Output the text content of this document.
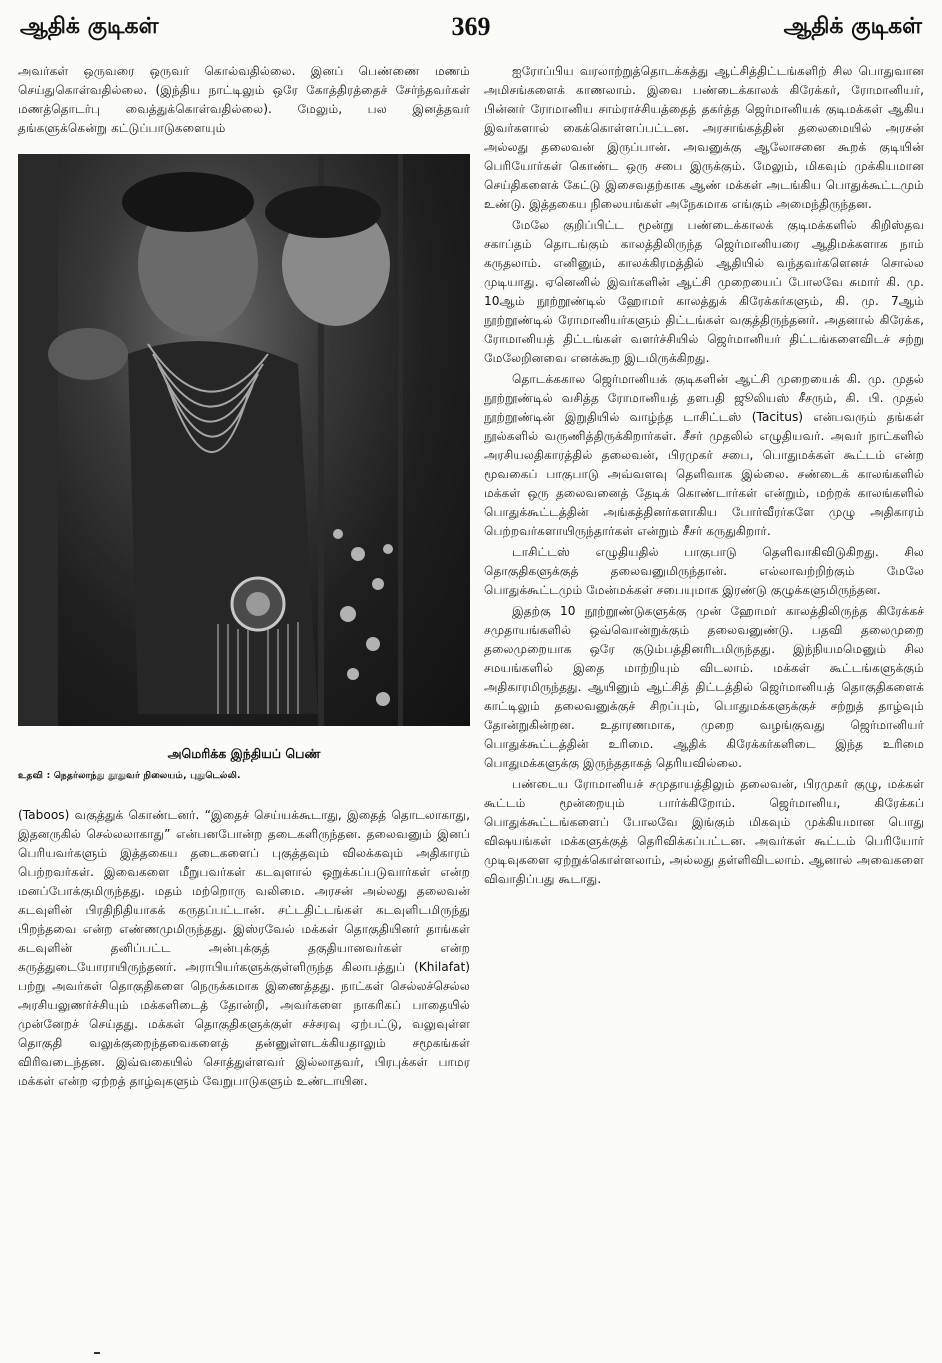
ஆதிக் குடிகள்	369	ஆதிக் குடிகள்

அவர்கள் ஒருவரை ஒருவர் கொல்வதில்லை. இனப் பெண்ணை மணம் செய்துகொள்வதில்லை. (இந்திய நாட்டிலும் ஒரே கோத்திரத்தைச் சேர்ந்தவர்கள் மணத்தொடர்பு வைத்துக்கொள்வதில்லை). மேலும், பல இனத்தவர் தங்களுக்கென்று கட்டுப்பாடுகளையும்

அமெரிக்க இந்தியப் பெண்
உதவி : நெதர்லாந்து தூதுவர் நிலையம், புதுடெல்லி.

(Taboos) வகுத்துக் கொண்டனர். “இதைச் செய்யக்கூடாது, இதைத் தொடலாகாது, இதனருகில் செல்லலாகாது” என்பனபோன்ற தடைகளிருந்தன. தலைவனும் இனப் பெரியவர்களும் இத்தகைய தடைகளைப் புகுத்தவும் விலக்கவும் அதிகாரம் பெற்றவர்கள். இவைகளை மீறுபவர்கள் கடவுளால் ஒறுக்கப்படுவார்கள் என்ற மனப்போக்குமிருந்தது. மதம் மற்றொரு வலிமை. அரசன் அல்லது தலைவன் கடவுளின் பிரதிநிதியாகக் கருதப்பட்டான். சட்டதிட்டங்கள் கடவுளிடமிருந்து பிறந்தவை என்ற எண்ணமுமிருந்தது. இஸ்ரவேல் மக்கள் தொகுதியினர் தாங்கள் கடவுளின் தனிப்பட்ட அன்புக்குத் தகுதியானவர்கள் என்ற கருத்துடையோராயிருந்தனர். அராபியர்களுக்குள்ளிருந்த கிலாபத்துப் (Khilafat) பற்று அவர்கள் தொகுதிகளை நெருக்கமாக இணைத்தது. நாட்கள் செல்லச்செல்ல அரசியலுணர்ச்சியும் மக்களிடைத் தோன்றி, அவர்களை நாகரிகப் பாதையில் முன்னேறச் செய்தது. மக்கள் தொகுதிகளுக்குள் சச்சரவு ஏற்பட்டு, வலுவுள்ள தொகுதி வலுக்குறைந்தவைகளைத் தன்னுள்ளடக்கியதாலும் சமூகங்கள் விரிவடைந்தன. இவ்வகையில் சொத்துள்ளவர் இல்லாதவர், பிரபுக்கள் பாமர மக்கள் என்ற ஏற்றத் தாழ்வுகளும் வேறுபாடுகளும் உண்டாயின.

ஐரோப்பிய வரலாற்றுத்தொடக்கத்து ஆட்சித்திட்டங்களிற் சில பொதுவான அமிசங்களைக் காணலாம். இவை பண்டைக்காலக் கிரேக்கர், ரோமானியர், பின்னர் ரோமானிய சாம்ராச்சியத்தைத் தகர்த்த ஜெர்மானியக் குடிமக்கள் ஆகிய இவர்களால் கைக்கொள்ளப்பட்டன. அரசாங்கத்தின் தலைமையில் அரசன் அல்லது தலைவன் இருப்பான். அவனுக்கு ஆலோசனை கூறக் குடியின் பெரியோர்கள் கொண்ட ஒரு சபை இருக்கும். மேலும், மிகவும் முக்கியமான செய்திகளைக் கேட்டு இசைவதற்காக ஆண் மக்கள் அடங்கிய பொதுக்கூட்டமும் உண்டு. இத்தகைய நிலையங்கள் அநேகமாக எங்கும் அமைந்திருந்தன.

மேலே குறிப்பிட்ட மூன்று பண்டைக்காலக் குடிமக்களில் கிறிஸ்தவ சகாப்தம் தொடங்கும் காலத்திலிருந்த ஜெர்மானியரை ஆதிமக்களாக நாம் கருதலாம். எனினும், காலக்கிரமத்தில் ஆதியில் வந்தவர்களெனச் சொல்ல முடியாது. ஏனெனில் இவர்களின் ஆட்சி முறையைப் போலவே சுமார் கி. மு. 10ஆம் நூற்றூண்டில் ஹோமர் காலத்துக் கிரேக்கர்களும், கி. மு. 7ஆம் நூற்றூண்டில் ரோமானியர்களும் திட்டங்கள் வகுத்திருந்தனர். அதனால் கிரேக்க, ரோமானியத் திட்டங்கள் வளர்ச்சியில் ஜெர்மானியர் திட்டங்களைவிடச் சற்று மேலேறினவை எனக்கூற இடமிருக்கிறது.

தொடக்ககால ஜெர்மானியக் குடிகளின் ஆட்சி முறையைக் கி. மு. முதல் நூற்றூண்டில் வசித்த ரோமானியத் தளபதி ஜூலியஸ் சீசரும், கி. பி. முதல் நூற்றூண்டின் இறுதியில் வாழ்ந்த டாசிட்டஸ் (Tacitus) என்பவரும் தங்கள் நூல்களில் வருணித்திருக்கிறார்கள். சீசர் முதலில் எழுதியவர். அவர் நாட்களில் அரசியலதிகாரத்தில் தலைவன், பிரமுகர் சபை, பொதுமக்கள் கூட்டம் என்ற மூவகைப் பாகுபாடு அவ்வளவு தெளிவாக இல்லை. சண்டைக் காலங்களில் மக்கள் ஒரு தலைவனைத் தேடிக் கொண்டார்கள் என்றும், மற்றக் காலங்களில் பொதுக்கூட்டத்தின் அங்கத்தினர்களாகிய போர்வீரர்களே முழு அதிகாரம் பெற்றவர்களாயிருந்தார்கள் என்றும் சீசர் கருதுகிறார்.

டாசிட்டஸ் எழுதியதில் பாகுபாடு தெளிவாகிவிடுகிறது. சில தொகுதிகளுக்குத் தலைவனுமிருந்தான். எல்லாவற்றிற்கும் மேலே பொதுக்கூட்டமும் மேன்மக்கள் சபையுமாக இரண்டு குழுக்களுமிருந்தன.

இதற்கு 10 நூற்றூண்டுகளுக்கு முன் ஹோமர் காலத்திலிருந்த கிரேக்கச் சமுதாயங்களில் ஒவ்வொன்றுக்கும் தலைவனுண்டு. பதவி தலைமுறை தலைமுறையாக ஒரே குடும்பத்தினரிடமிருந்தது. இந்நியமமெனும் சில சமயங்களில் இதை மாற்றியும் விடலாம். மக்கள் கூட்டங்களுக்கும் அதிகாரமிருந்தது. ஆயினும் ஆட்சித் திட்டத்தில் ஜெர்மானியத் தொகுதிகளைக் காட்டிலும் தலைவனுக்குச் சிறப்பும், பொதுமக்களுக்குச் சற்றுத் தாழ்வும் தோன்றுகின்றன. உதாரணமாக, முறை வழங்குவது ஜெர்மானியர் பொதுக்கூட்டத்தின் உரிமை. ஆதிக் கிரேக்கர்களிடை இந்த உரிமை பொதுமக்களுக்கு இருந்ததாகத் தெரியவில்லை.

பண்டைய ரோமானியச் சமுதாயத்திலும் தலைவன், பிரமுகர் குழு, மக்கள் கூட்டம் மூன்றையும் பார்க்கிறோம். ஜெர்மானிய, கிரேக்கப் பொதுக்கூட்டங்களைப் போலவே இங்கும் மிகவும் முக்கியமான பொது விஷயங்கள் மக்களுக்குத் தெரிவிக்கப்பட்டன. அவர்கள் கூட்டம் பெரியோர் முடிவுகளை ஏற்றுக்கொள்ளலாம், அல்லது தள்ளிவிடலாம். ஆனால் அவைகளை விவாதிப்பது கூடாது.
